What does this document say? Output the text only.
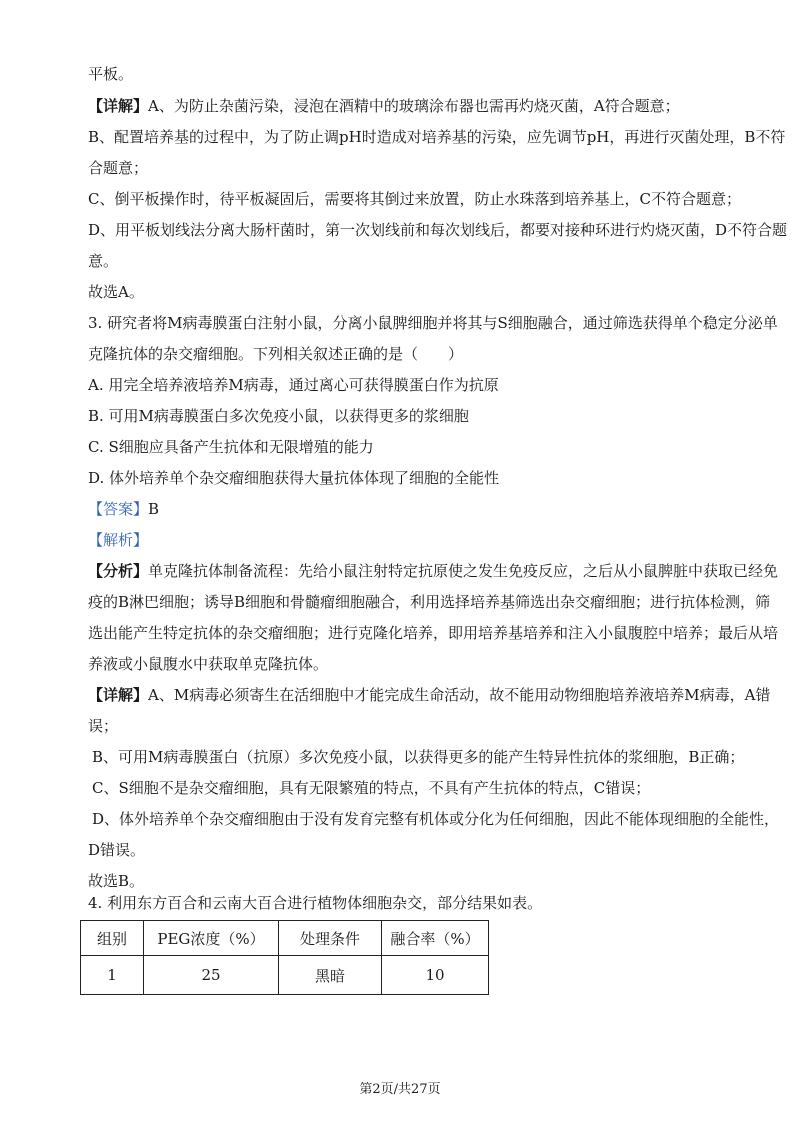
平板。
【详解】A、为防止杂菌污染，浸泡在酒精中的玻璃涂布器也需再灼烧灭菌，A符合题意；
B、配置培养基的过程中，为了防止调pH时造成对培养基的污染，应先调节pH，再进行灭菌处理，B不符
合题意；
C、倒平板操作时，待平板凝固后，需要将其倒过来放置，防止水珠落到培养基上，C不符合题意；
D、用平板划线法分离大肠杆菌时，第一次划线前和每次划线后，都要对接种环进行灼烧灭菌，D不符合题
意。
故选A。
3. 研究者将M病毒膜蛋白注射小鼠，分离小鼠脾细胞并将其与S细胞融合，通过筛选获得单个稳定分泌单
克隆抗体的杂交瘤细胞。下列相关叙述正确的是（　　）
A. 用完全培养液培养M病毒，通过离心可获得膜蛋白作为抗原
B. 可用M病毒膜蛋白多次免疫小鼠，以获得更多的浆细胞
C. S细胞应具备产生抗体和无限增殖的能力
D. 体外培养单个杂交瘤细胞获得大量抗体体现了细胞的全能性
【答案】B
【解析】
【分析】单克隆抗体制备流程：先给小鼠注射特定抗原使之发生免疫反应，之后从小鼠脾脏中获取已经免
疫的B淋巴细胞；诱导B细胞和骨髓瘤细胞融合，利用选择培养基筛选出杂交瘤细胞；进行抗体检测，筛
选出能产生特定抗体的杂交瘤细胞；进行克隆化培养，即用培养基培养和注入小鼠腹腔中培养；最后从培
养液或小鼠腹水中获取单克隆抗体。
【详解】A、M病毒必须寄生在活细胞中才能完成生命活动，故不能用动物细胞培养液培养M病毒，A错
误；
B、可用M病毒膜蛋白（抗原）多次免疫小鼠，以获得更多的能产生特异性抗体的浆细胞，B正确；
C、S细胞不是杂交瘤细胞，具有无限繁殖的特点，不具有产生抗体的特点，C错误；
D、体外培养单个杂交瘤细胞由于没有发育完整有机体或分化为任何细胞，因此不能体现细胞的全能性，
D错误。
故选B。
4. 利用东方百合和云南大百合进行植物体细胞杂交，部分结果如表。
组别	PEG浓度（%）	处理条件	融合率（%）
1	25	黑暗	10
第2页/共27页
